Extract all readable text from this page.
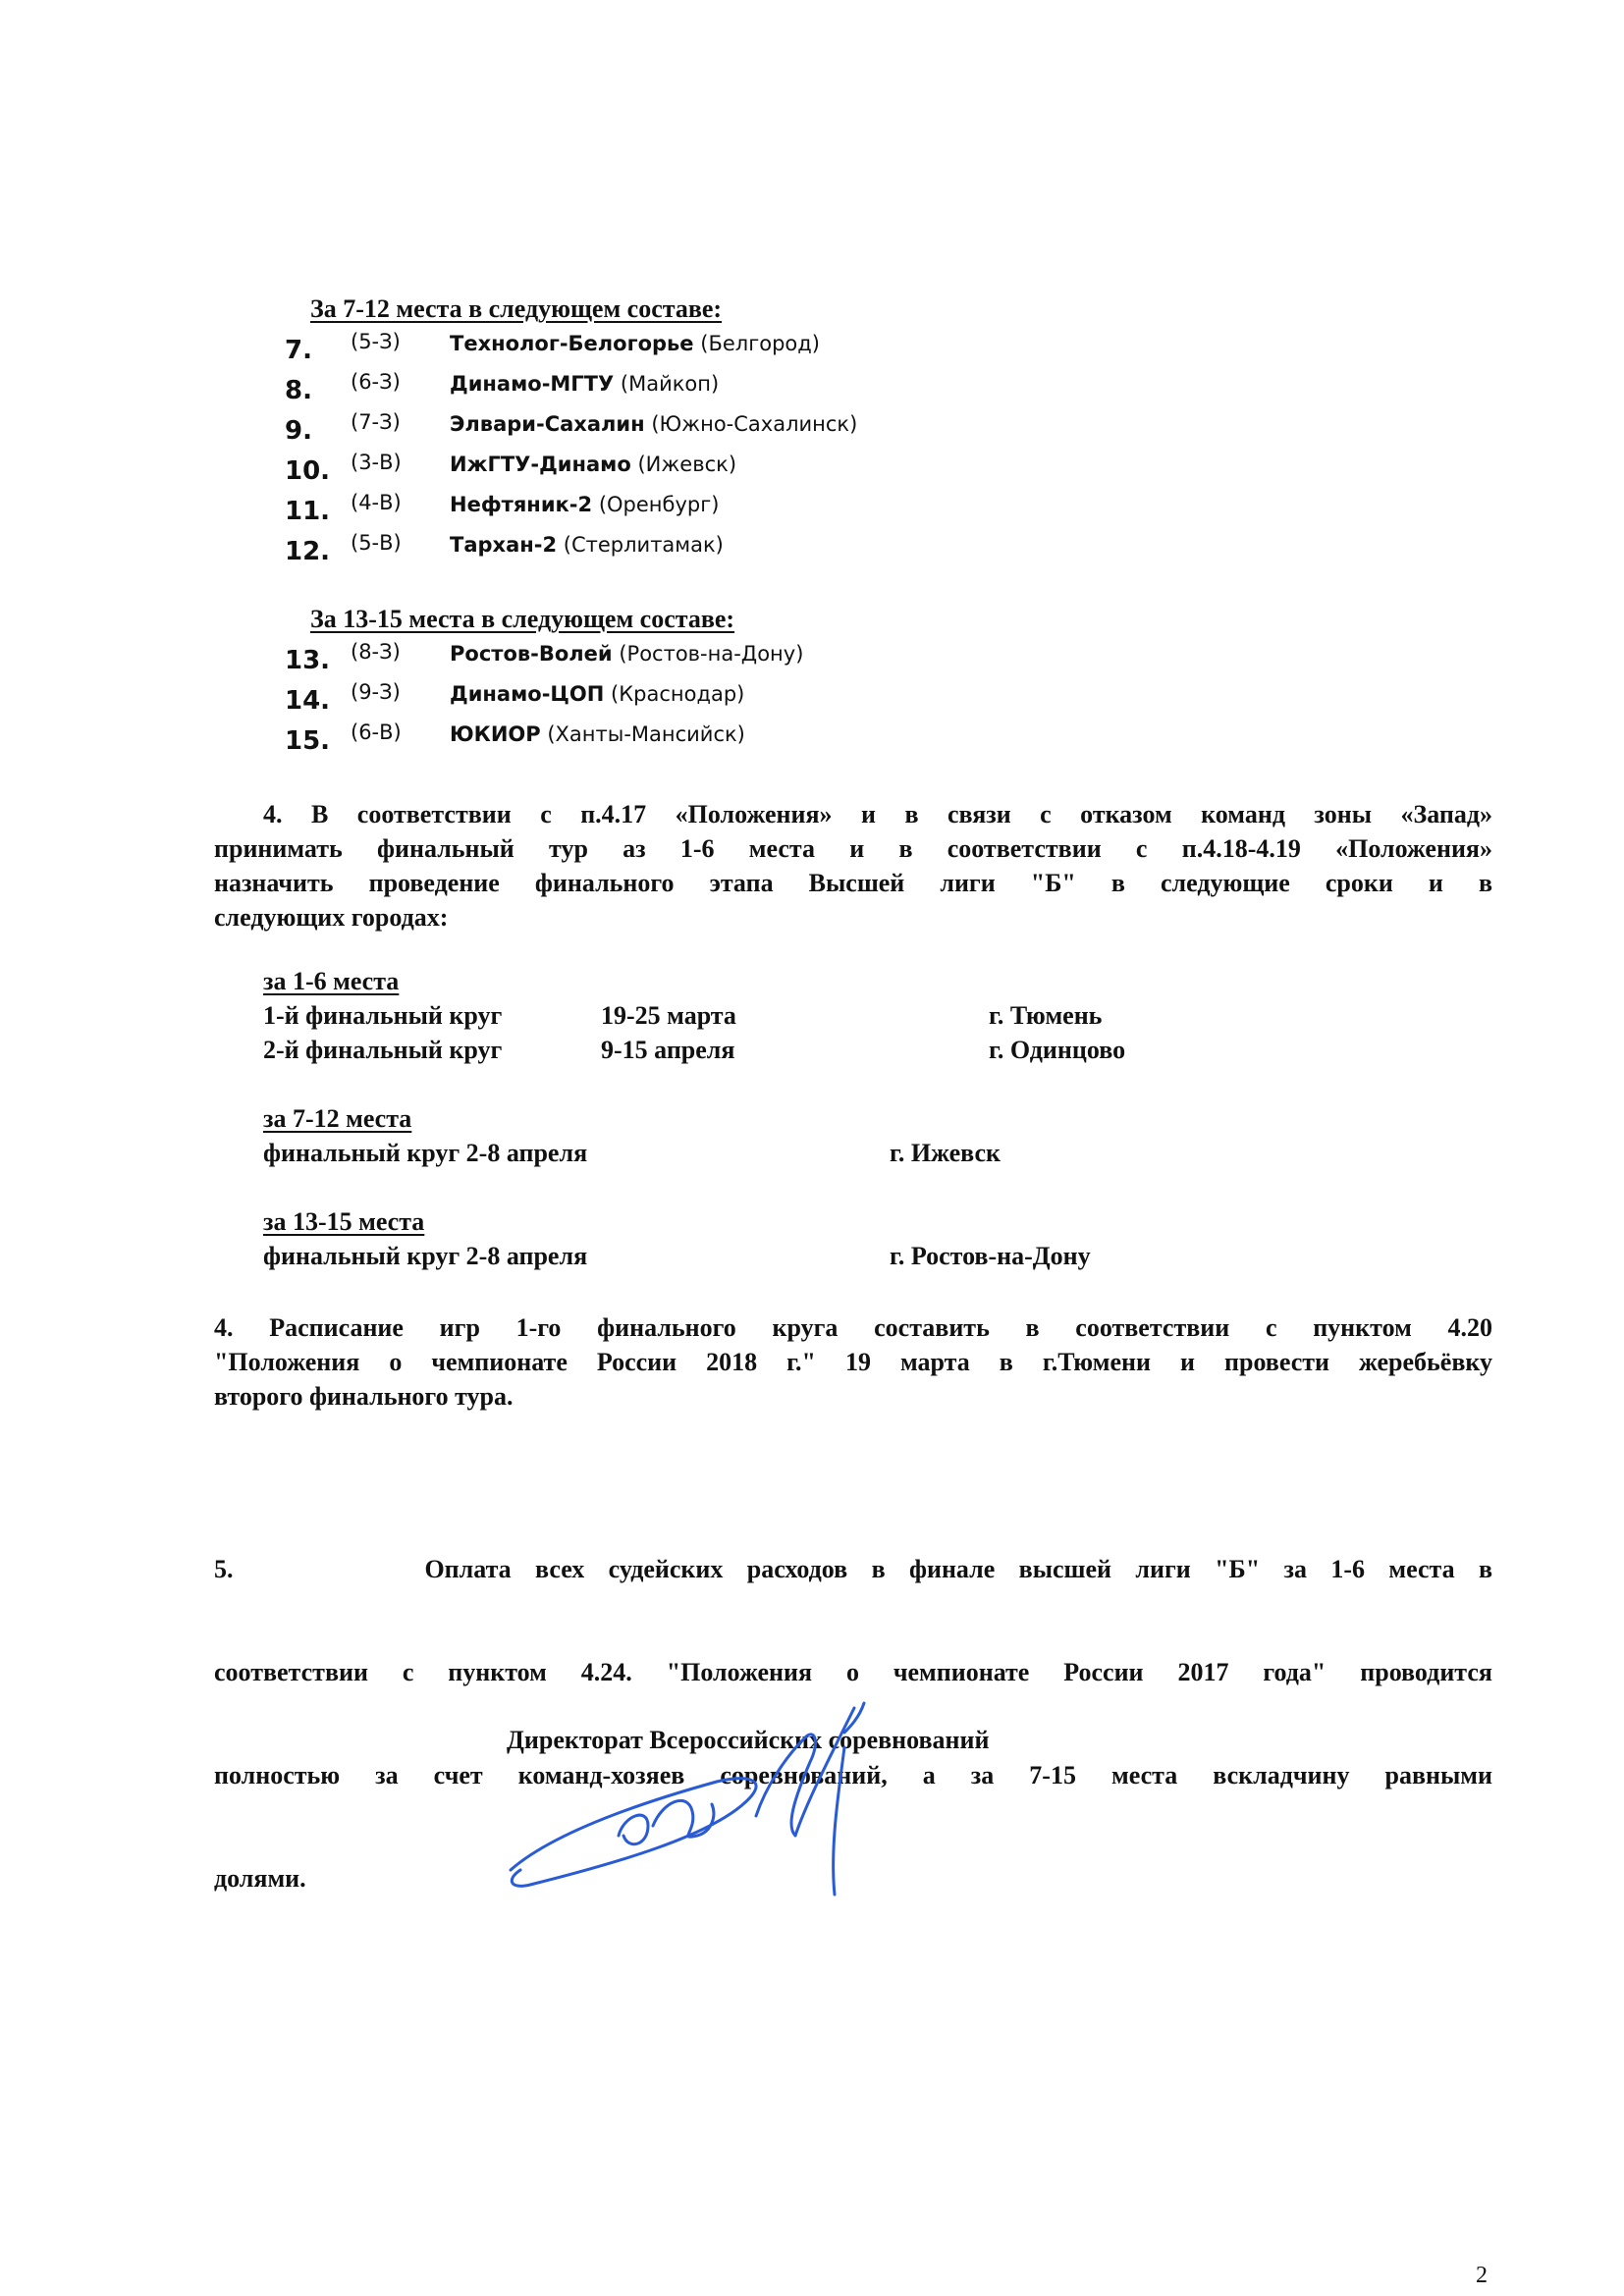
За 7-12 места в следующем составе:
7.	(5-З) Технолог-Белогорье (Белгород)
8.	(6-З) Динамо-МГТУ (Майкоп)
9.	(7-З) Элвари-Сахалин (Южно-Сахалинск)
10. (3-В) ИжГТУ-Динамо (Ижевск)
11. (4-В) Нефтяник-2 (Оренбург)
12. (5-В) Тархан-2 (Стерлитамак)
За 13-15 места в следующем составе:
13. (8-З) Ростов-Волей (Ростов-на-Дону)
14. (9-З) Динамо-ЦОП (Краснодар)
15. (6-В) ЮКИОР (Ханты-Мансийск)
4. В соответствии с п.4.17 «Положения» и в связи с отказом команд зоны «Запад»
принимать финальный тур аз 1-6 места и в соответствии с п.4.18-4.19 «Положения»
назначить проведение финального этапа Высшей лиги "Б" в следующие сроки и в
следующих городах:
за 1-6 места
1-й финальный круг	19-25 марта	г. Тюмень
2-й финальный круг	9-15 апреля	г. Одинцово
за 7-12 места
финальный круг 2-8 апреля	г. Ижевск
за 13-15 места
финальный круг 2-8 апреля	г. Ростов-на-Дону
4. Расписание игр 1-го финального круга составить в соответствии с пунктом 4.20
"Положения о чемпионате России 2018 г." 19 марта в г.Тюмени и провести жеребьёвку
второго финального тура.

5.        Оплата всех судейских расходов в финале высшей лиги "Б" за 1-6 места в

соответствии с пунктом 4.24. "Положения о чемпионате России 2017 года" проводится

полностью за счет команд-хозяев соревнований, а за 7-15 места вскладчину равными

долями.

Директорат Всероссийских соревнований
2
